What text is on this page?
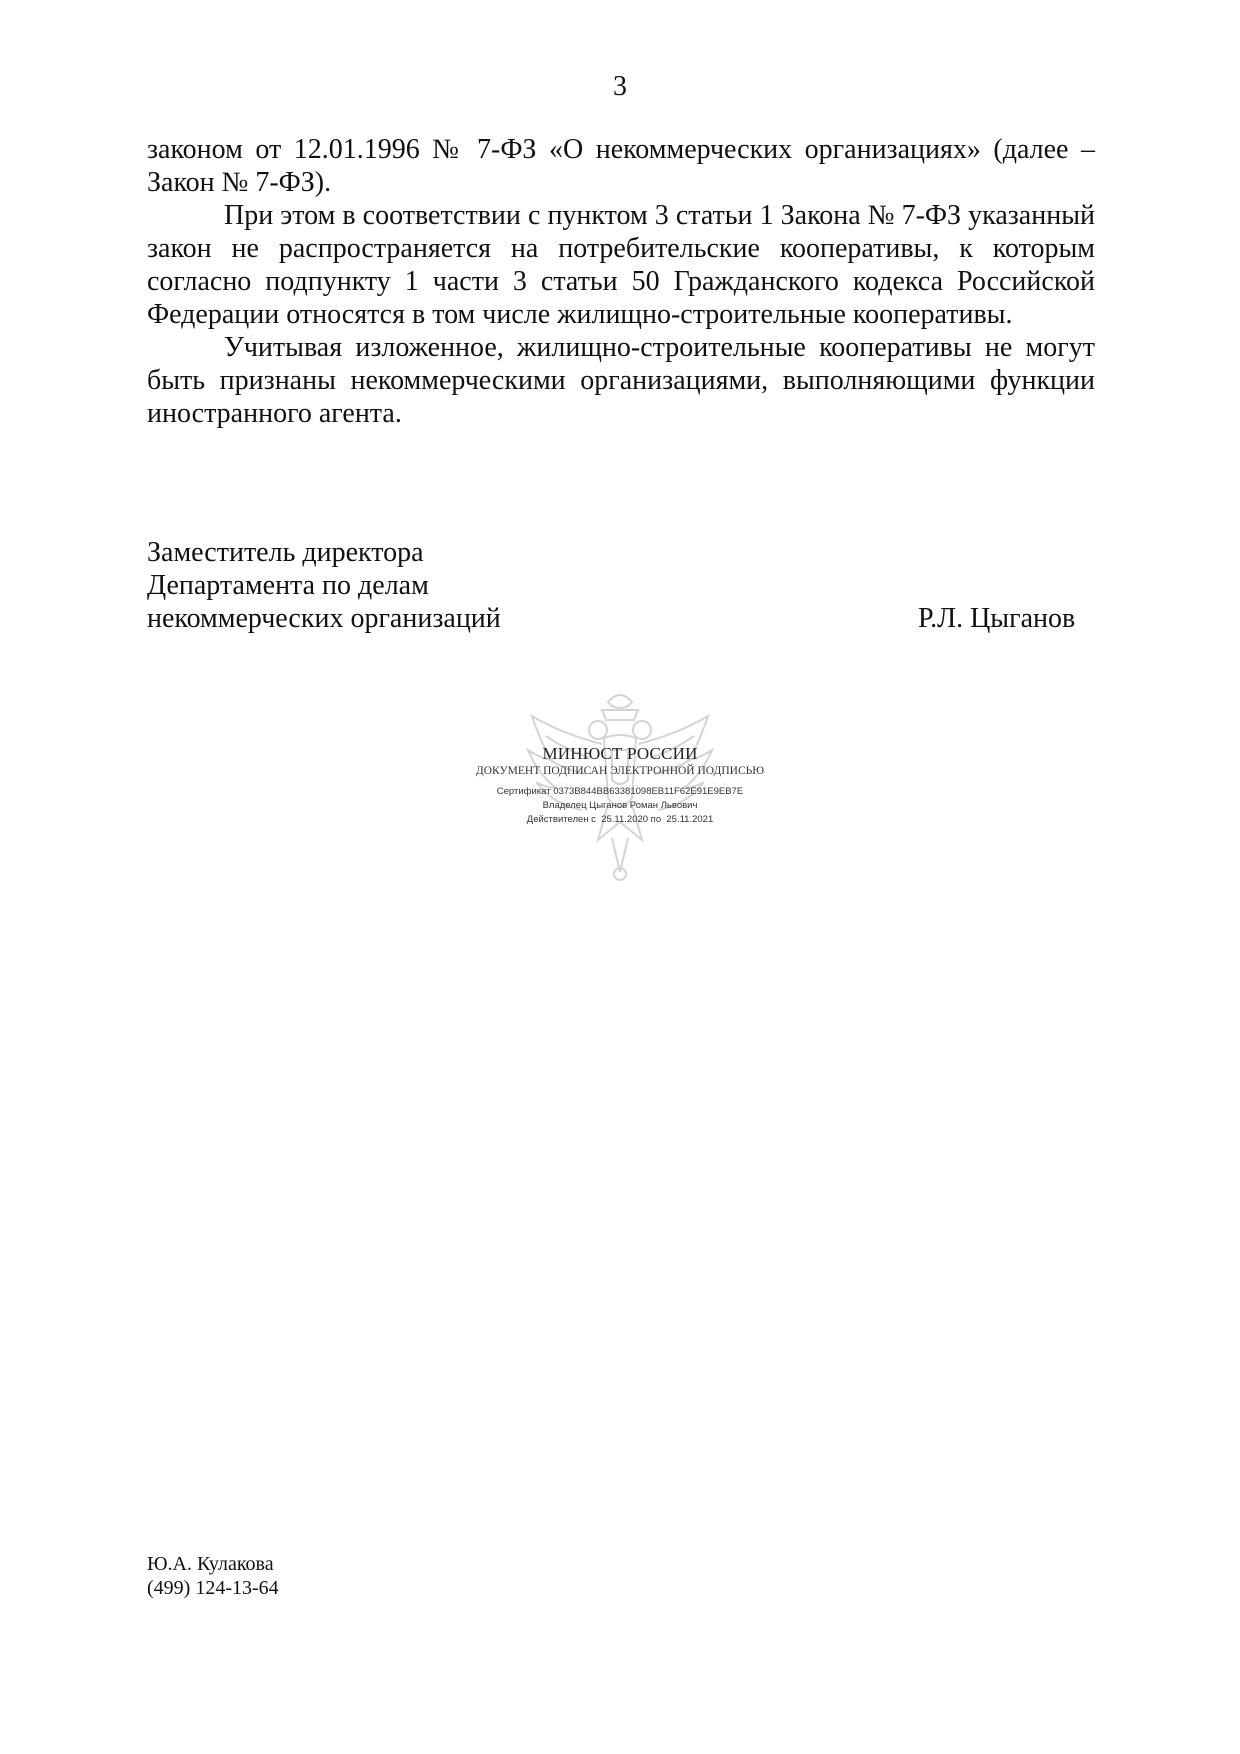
3

законом от 12.01.1996 № 7-ФЗ «О некоммерческих организациях» (далее – Закон № 7-ФЗ).

При этом в соответствии с пунктом 3 статьи 1 Закона № 7-ФЗ указанный закон не распространяется на потребительские кооперативы, к которым согласно подпункту 1 части 3 статьи 50 Гражданского кодекса Российской Федерации относятся в том числе жилищно-строительные кооперативы.

Учитывая изложенное, жилищно-строительные кооперативы не могут быть признаны некоммерческими организациями, выполняющими функции иностранного агента.

Заместитель директора
Департамента по делам
некоммерческих организаций	Р.Л. Цыганов
МИНЮСТ РОССИИ
ДОКУМЕНТ ПОДПИСАН ЭЛЕКТРОННОЙ ПОДПИСЬЮ
Сертификат 0373B844BB63381098EB11F62E91E9EB7E
Владелец Цыганов Роман Львович
Действителен с  25.11.2020 по  25.11.2021
Ю.А. Кулакова
(499) 124-13-64
